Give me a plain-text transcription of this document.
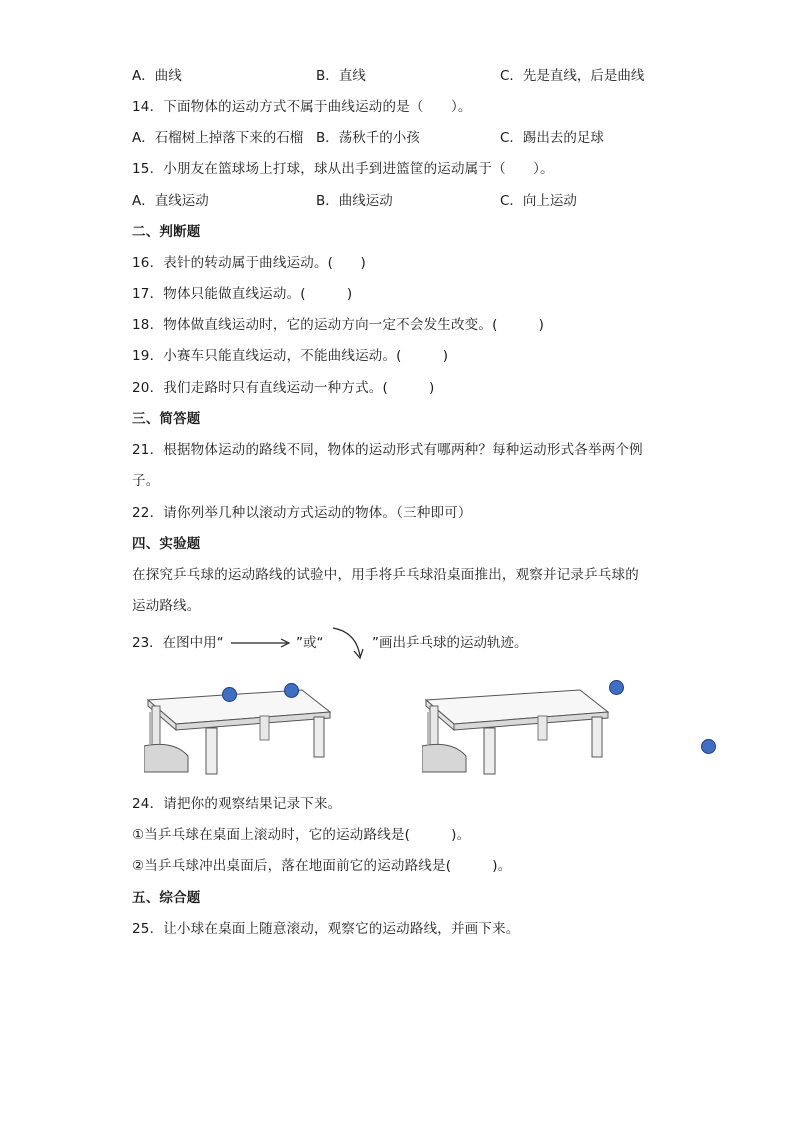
A．曲线	B．直线	C．先是直线，后是曲线
14．下面物体的运动方式不属于曲线运动的是（　　）。
A．石榴树上掉落下来的石榴 B．荡秋千的小孩	C．踢出去的足球
15．小朋友在篮球场上打球，球从出手到进篮筐的运动属于（　　）。
A．直线运动	B．曲线运动	C．向上运动
二、判断题
16．表针的转动属于曲线运动。(　　)
17．物体只能做直线运动。(　　　)
18．物体做直线运动时，它的运动方向一定不会发生改变。(　　　)
19．小赛车只能直线运动，不能曲线运动。(　　　)
20．我们走路时只有直线运动一种方式。(　　　)
三、简答题
21．根据物体运动的路线不同，物体的运动形式有哪两种？每种运动形式各举两个例
子。
22．请你列举几种以滚动方式运动的物体。（三种即可）
四、实验题
在探究乒乓球的运动路线的试验中，用手将乒乓球沿桌面推出，观察并记录乒乓球的
运动路线。
23．在图中用“	”或“	”画出乒乓球的运动轨迹。
24．请把你的观察结果记录下来。
①当乒乓球在桌面上滚动时，它的运动路线是(　　　)。
②当乒乓球冲出桌面后，落在地面前它的运动路线是(　　　)。
五、综合题
25．让小球在桌面上随意滚动，观察它的运动路线，并画下来。
